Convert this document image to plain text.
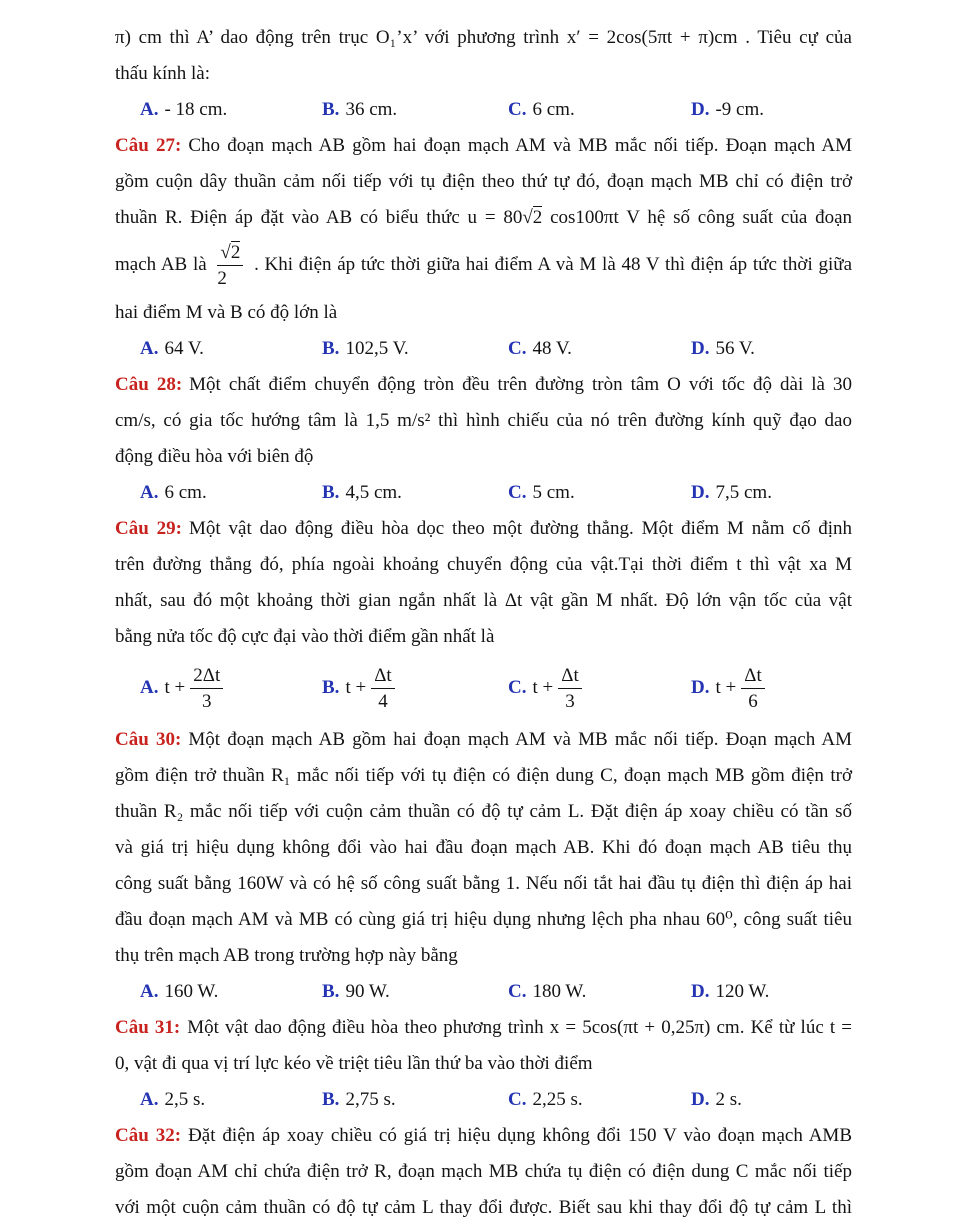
π) cm thì A’ dao động trên trục O₁’x’ với phương trình x′ = 2cos(5πt + π)cm . Tiêu cự của
thấu kính là:
A. - 18 cm.	B. 36 cm.	C. 6 cm.	D. -9 cm.
Câu 27: Cho đoạn mạch AB gồm hai đoạn mạch AM và MB mắc nối tiếp. Đoạn mạch AM
gồm cuộn dây thuần cảm nối tiếp với tụ điện theo thứ tự đó, đoạn mạch MB chỉ có điện trở
thuần R. Điện áp đặt vào AB có biểu thức u = 80√2 cos100πt V hệ số công suất của đoạn
mạch AB là $\frac{√2}{2}$ . Khi điện áp tức thời giữa hai điểm A và M là 48 V thì điện áp tức thời giữa
hai điểm M và B có độ lớn là
A. 64 V.	B. 102,5 V.	C. 48 V.	D. 56 V.
Câu 28: Một chất điểm chuyển động tròn đều trên đường tròn tâm O với tốc độ dài là 30
cm/s, có gia tốc hướng tâm là 1,5 m/s² thì hình chiếu của nó trên đường kính quỹ đạo dao
động điều hòa với biên độ
A. 6 cm.	B. 4,5 cm.	C. 5 cm.	D. 7,5 cm.
Câu 29: Một vật dao động điều hòa dọc theo một đường thẳng. Một điểm M nằm cố định
trên đường thẳng đó, phía ngoài khoảng chuyển động của vật.Tại thời điểm t thì vật xa M
nhất, sau đó một khoảng thời gian ngắn nhất là Δt vật gần M nhất. Độ lớn vận tốc của vật
bằng nửa tốc độ cực đại vào thời điểm gần nhất là
A. $t + \frac{2\Delta t}{3}$	B. $t + \frac{\Delta t}{4}$	C. $t + \frac{\Delta t}{3}$	D. $t + \frac{\Delta t}{6}$
Câu 30: Một đoạn mạch AB gồm hai đoạn mạch AM và MB mắc nối tiếp. Đoạn mạch AM
gồm điện trở thuần R₁ mắc nối tiếp với tụ điện có điện dung C, đoạn mạch MB gồm điện trở
thuần R₂ mắc nối tiếp với cuộn cảm thuần có độ tự cảm L. Đặt điện áp xoay chiều có tần số
và giá trị hiệu dụng không đổi vào hai đầu đoạn mạch AB. Khi đó đoạn mạch AB tiêu thụ
công suất bằng 160W và có hệ số công suất bằng 1. Nếu nối tắt hai đầu tụ điện thì điện áp hai
đầu đoạn mạch AM và MB có cùng giá trị hiệu dụng nhưng lệch pha nhau 60⁰, công suất tiêu
thụ trên mạch AB trong trường hợp này bằng
A. 160 W.	B. 90 W.	C. 180 W.	D. 120 W.
Câu 31: Một vật dao động điều hòa theo phương trình x = 5cos(πt + 0,25π) cm. Kể từ lúc t =
0, vật đi qua vị trí lực kéo về triệt tiêu lần thứ ba vào thời điểm
A. 2,5 s.	B. 2,75 s.	C. 2,25 s.	D. 2 s.
Câu 32: Đặt điện áp xoay chiều có giá trị hiệu dụng không đổi 150 V vào đoạn mạch AMB
gồm đoạn AM chỉ chứa điện trở R, đoạn mạch MB chứa tụ điện có điện dung C mắc nối tiếp
với một cuộn cảm thuần có độ tự cảm L thay đổi được. Biết sau khi thay đổi độ tự cảm L thì
